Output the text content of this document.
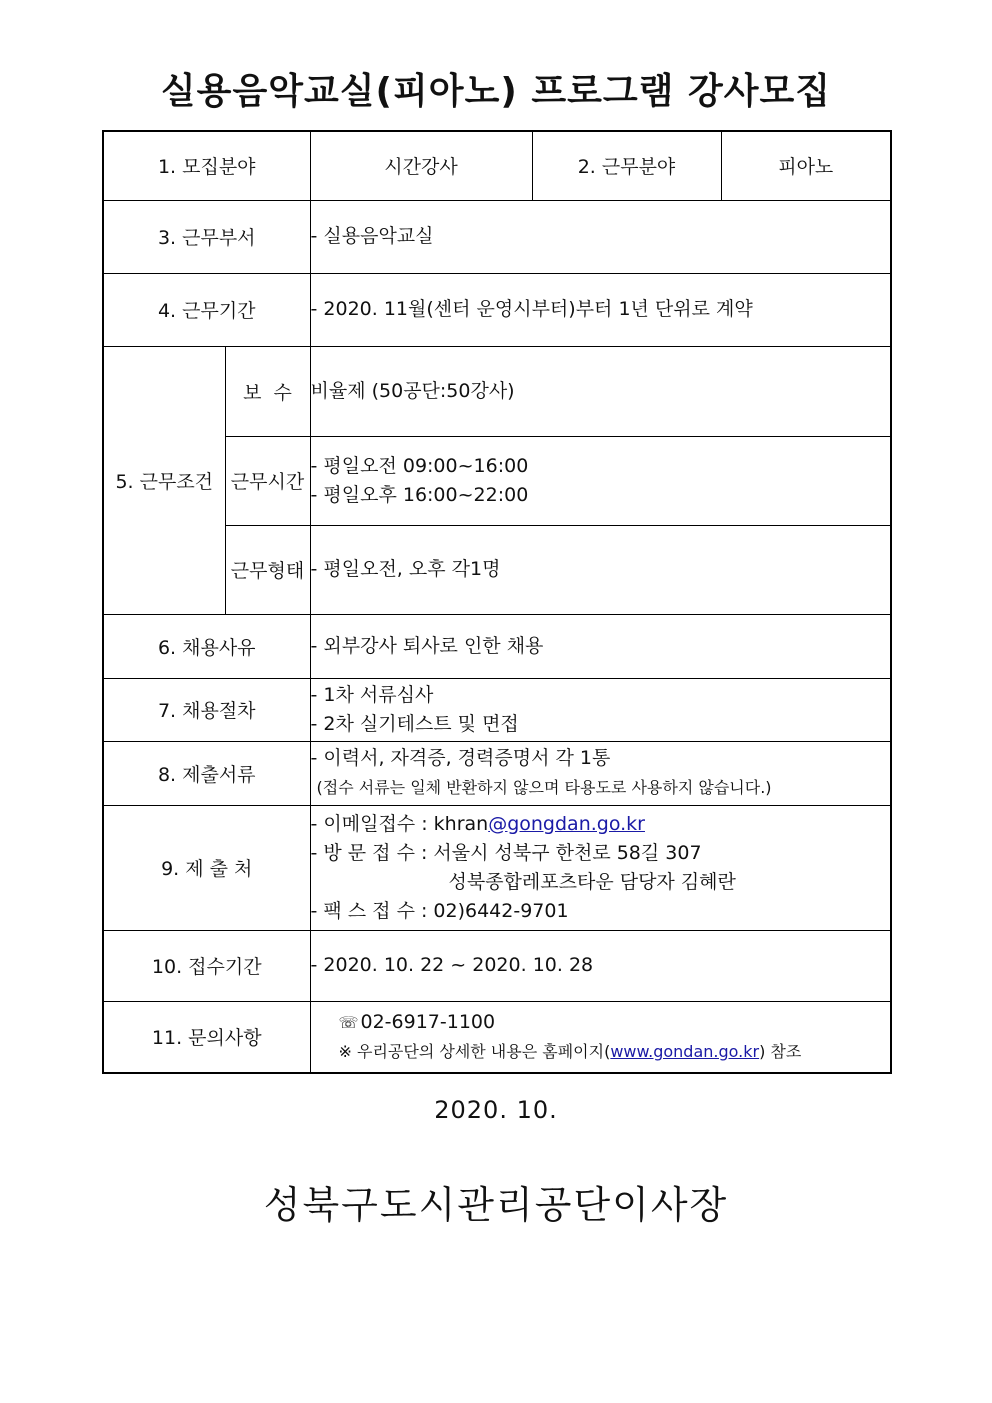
실용음악교실(피아노) 프로그램 강사모집
1. 모집분야		시간강사	2. 근무분야	피아노
3. 근무부서		- 실용음악교실		
4. 근무기간		- 2020. 11월(센터 운영시부터)부터 1년 단위로 계약		
5. 근무조건	보  수	비율제 (50공단:50강사)		
	근무시간	- 평일오전 09:00~16:00
- 평일오후 16:00~22:00		

	근무형태	- 평일오전, 오후 각1명		
6. 채용사유		- 외부강사 퇴사로 인한 채용		
7. 채용절차		- 1차 서류심사
- 2차 실기테스트 및 면접		

8. 제출서류		- 이력서, 자격증, 경력증명서 각 1통
(접수 서류는 일체 반환하지 않으며 타용도로 사용하지 않습니다.)		

9. 제 출 처		- 이메일접수 : khran@gongdan.go.kr
- 방 문 접 수 : 서울시 성북구 한천로 58길 307
성북종합레포츠타운 담당자 김혜란
- 팩 스 접 수 : 02)6442-9701		

10. 접수기간		- 2020. 10. 22 ~ 2020. 10. 28		
11. 문의사항		☏ 02-6917-1100
※ 우리공단의 상세한 내용은 홈페이지(www.gondan.go.kr) 참조		
2020. 10.
성북구도시관리공단이사장
